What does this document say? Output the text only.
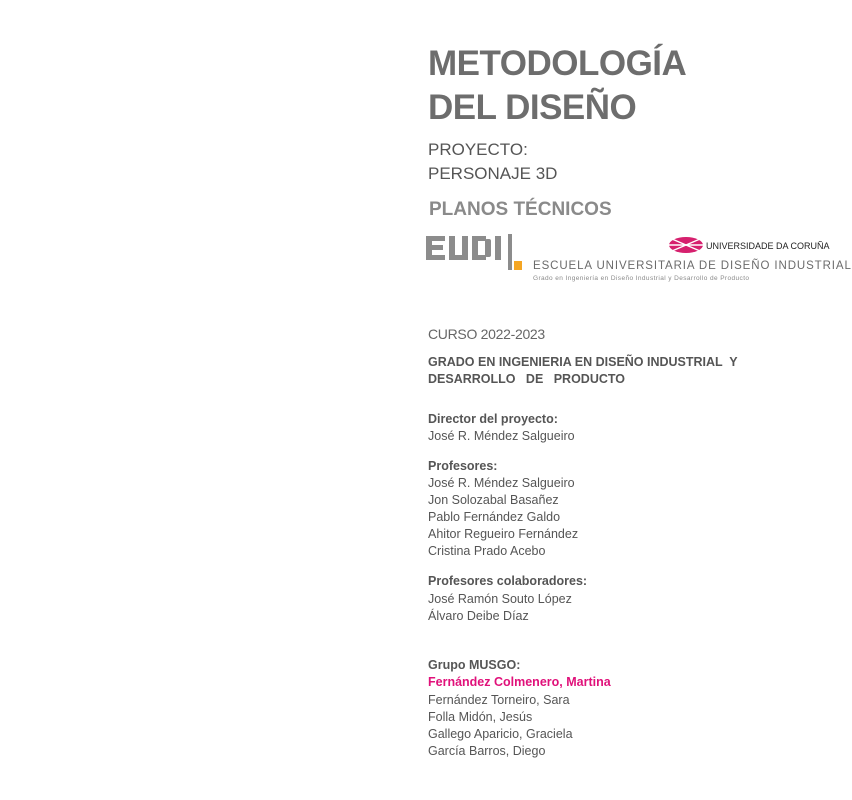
METODOLOGÍA
DEL DISEÑO
PROYECTO:
PERSONAJE 3D
PLANOS TÉCNICOS
ESCUELA UNIVERSITARIA DE DISEÑO INDUSTRIAL
Grado en Ingeniería en Diseño Industrial y Desarrollo de Producto
UNIVERSIDADE DA CORUÑA
CURSO 2022-2023
GRADO EN INGENIERIA EN DISEÑO INDUSTRIAL  Y
DESARROLLO   DE   PRODUCTO
Director del proyecto:
José R. Méndez Salgueiro
Profesores:
José R. Méndez Salgueiro
Jon Solozabal Basañez
Pablo Fernández Galdo
Ahitor Regueiro Fernández
Cristina Prado Acebo
Profesores colaboradores:
José Ramón Souto López
Álvaro Deibe Díaz
Grupo MUSGO:
Fernández Colmenero, Martina
Fernández Torneiro, Sara
Folla Midón, Jesús
Gallego Aparicio, Graciela
García Barros, Diego
